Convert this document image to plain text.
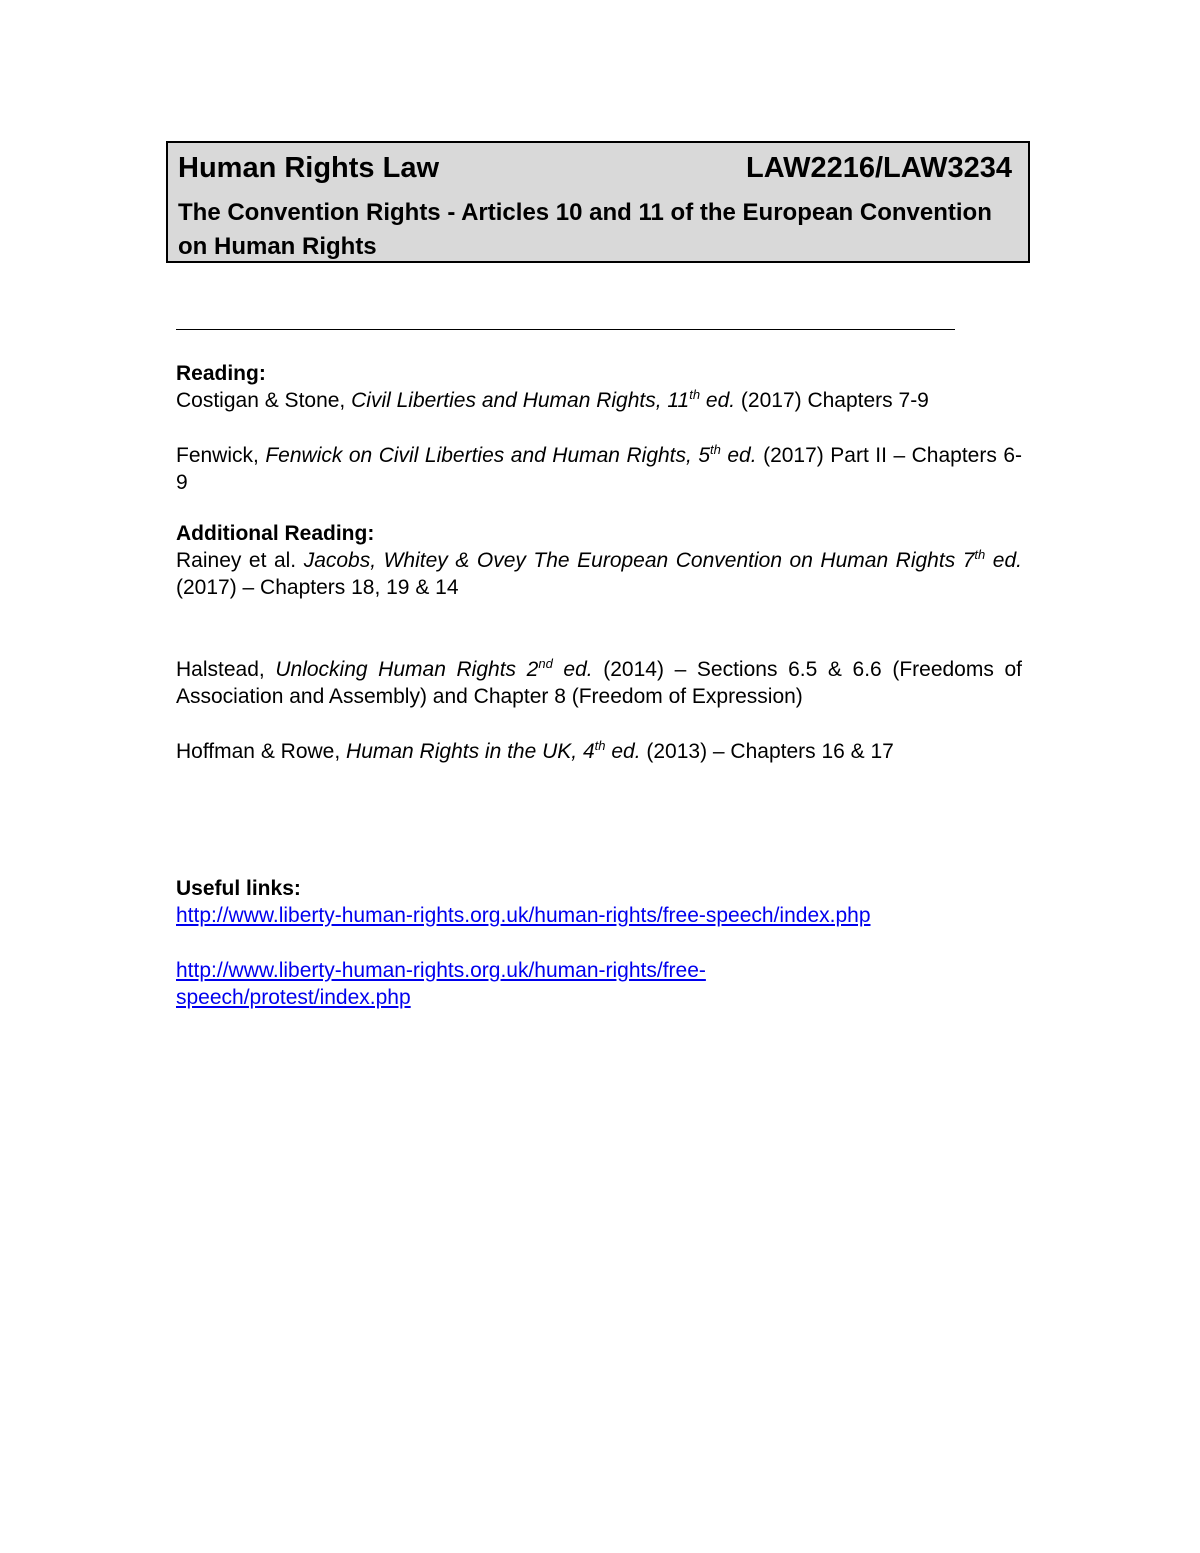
Human Rights Law	LAW2216/LAW3234
The Convention Rights - Articles 10 and 11 of the European Convention on Human Rights

Reading:

Costigan & Stone, Civil Liberties and Human Rights, 11th ed. (2017) Chapters 7-9

Fenwick, Fenwick on Civil Liberties and Human Rights, 5th ed. (2017) Part II – Chapters 6-9

Additional Reading:

Rainey et al. Jacobs, Whitey & Ovey The European Convention on Human Rights 7th ed. (2017) – Chapters 18, 19 & 14

Halstead, Unlocking Human Rights 2nd ed. (2014) – Sections 6.5 & 6.6 (Freedoms of Association and Assembly) and Chapter 8 (Freedom of Expression)

Hoffman & Rowe, Human Rights in the UK, 4th ed. (2013) – Chapters 16 & 17

Useful links:

http://www.liberty-human-rights.org.uk/human-rights/free-speech/index.php

http://www.liberty-human-rights.org.uk/human-rights/free-speech/protest/index.php
